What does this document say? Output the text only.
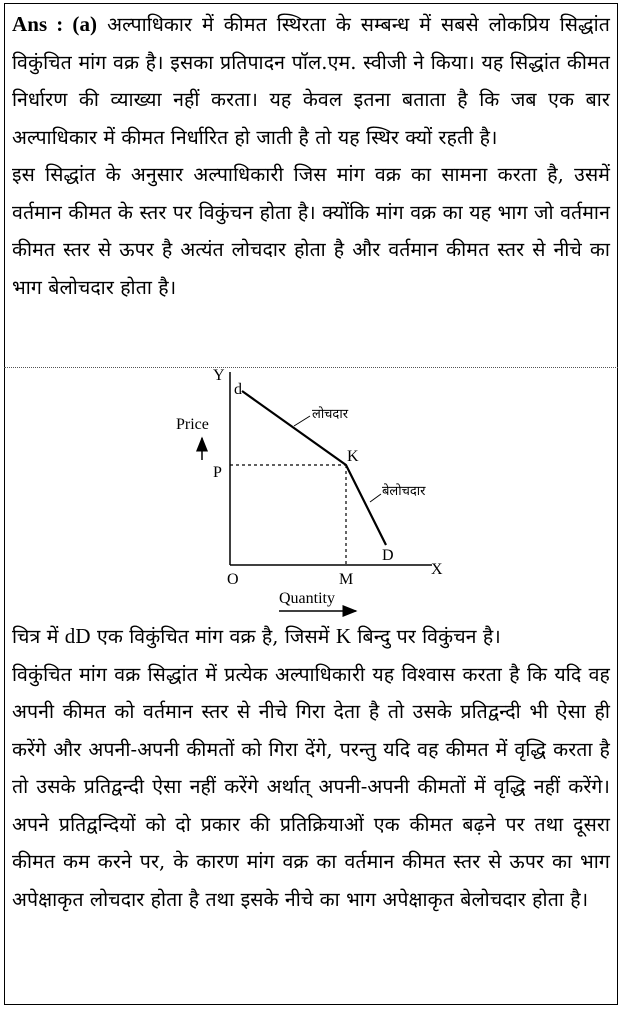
Ans : (a) अल्पाधिकार में कीमत स्थिरता के सम्बन्ध में सबसे लोकप्रिय सिद्धांत विकुंचित मांग वक्र है। इसका प्रतिपादन पॉल.एम. स्वीजी ने किया। यह सिद्धांत कीमत निर्धारण की व्याख्या नहीं करता। यह केवल इतना बताता है कि जब एक बार अल्पाधिकार में कीमत निर्धारित हो जाती है तो यह स्थिर क्यों रहती है।
इस सिद्धांत के अनुसार अल्पाधिकारी जिस मांग वक्र का सामना करता है, उसमें वर्तमान कीमत के स्तर पर विकुंचन होता है। क्योंकि मांग वक्र का यह भाग जो वर्तमान कीमत स्तर से ऊपर है अत्यंत लोचदार होता है और वर्तमान कीमत स्तर से नीचे का भाग बेलोचदार होता है।
Y
X
O
Price
Quantity
d
K
D
P
M
लोचदार
बेलोचदार
चित्र में dD एक विकुंचित मांग वक्र है, जिसमें K बिन्दु पर विकुंचन है।
विकुंचित मांग वक्र सिद्धांत में प्रत्येक अल्पाधिकारी यह विश्वास करता है कि यदि वह अपनी कीमत को वर्तमान स्तर से नीचे गिरा देता है तो उसके प्रतिद्वन्दी भी ऐसा ही करेंगे और अपनी-अपनी कीमतों को गिरा देंगे, परन्तु यदि वह कीमत में वृद्धि करता है तो उसके प्रतिद्वन्दी ऐसा नहीं करेंगे अर्थात् अपनी-अपनी कीमतों में वृद्धि नहीं करेंगे। अपने प्रतिद्वन्दियों को दो प्रकार की प्रतिक्रियाओं एक कीमत बढ़ने पर तथा दूसरा कीमत कम करने पर, के कारण मांग वक्र का वर्तमान कीमत स्तर से ऊपर का भाग अपेक्षाकृत लोचदार होता है तथा इसके नीचे का भाग अपेक्षाकृत बेलोचदार होता है।
